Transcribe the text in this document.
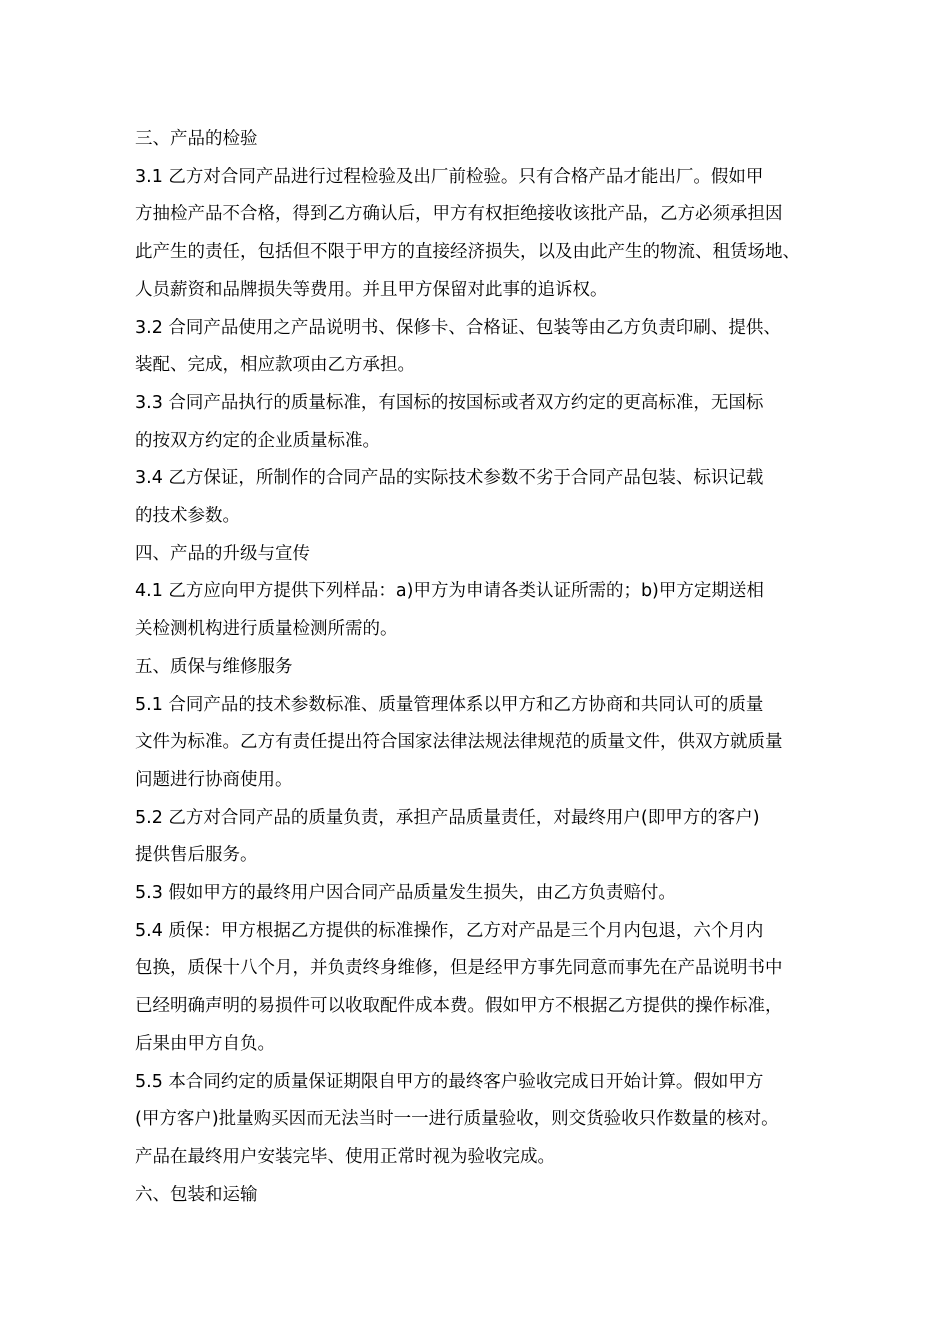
三、产品的检验

3.1 乙方对合同产品进行过程检验及出厂前检验。只有合格产品才能出厂。假如甲
方抽检产品不合格，得到乙方确认后，甲方有权拒绝接收该批产品，乙方必须承担因
此产生的责任，包括但不限于甲方的直接经济损失，以及由此产生的物流、租赁场地、
人员薪资和品牌损失等费用。并且甲方保留对此事的追诉权。

3.2 合同产品使用之产品说明书、保修卡、合格证、包装等由乙方负责印刷、提供、
装配、完成，相应款项由乙方承担。

3.3 合同产品执行的质量标准，有国标的按国标或者双方约定的更高标准，无国标
的按双方约定的企业质量标准。

3.4 乙方保证，所制作的合同产品的实际技术参数不劣于合同产品包装、标识记载
的技术参数。

四、产品的升级与宣传

4.1 乙方应向甲方提供下列样品：a)甲方为申请各类认证所需的；b)甲方定期送相
关检测机构进行质量检测所需的。

五、质保与维修服务

5.1 合同产品的技术参数标准、质量管理体系以甲方和乙方协商和共同认可的质量
文件为标准。乙方有责任提出符合国家法律法规法律规范的质量文件，供双方就质量
问题进行协商使用。

5.2 乙方对合同产品的质量负责，承担产品质量责任，对最终用户(即甲方的客户)
提供售后服务。

5.3 假如甲方的最终用户因合同产品质量发生损失，由乙方负责赔付。

5.4 质保：甲方根据乙方提供的标准操作，乙方对产品是三个月内包退，六个月内
包换，质保十八个月，并负责终身维修，但是经甲方事先同意而事先在产品说明书中
已经明确声明的易损件可以收取配件成本费。假如甲方不根据乙方提供的操作标准，
后果由甲方自负。

5.5 本合同约定的质量保证期限自甲方的最终客户验收完成日开始计算。假如甲方
(甲方客户)批量购买因而无法当时一一进行质量验收，则交货验收只作数量的核对。
产品在最终用户安装完毕、使用正常时视为验收完成。

六、包装和运输
